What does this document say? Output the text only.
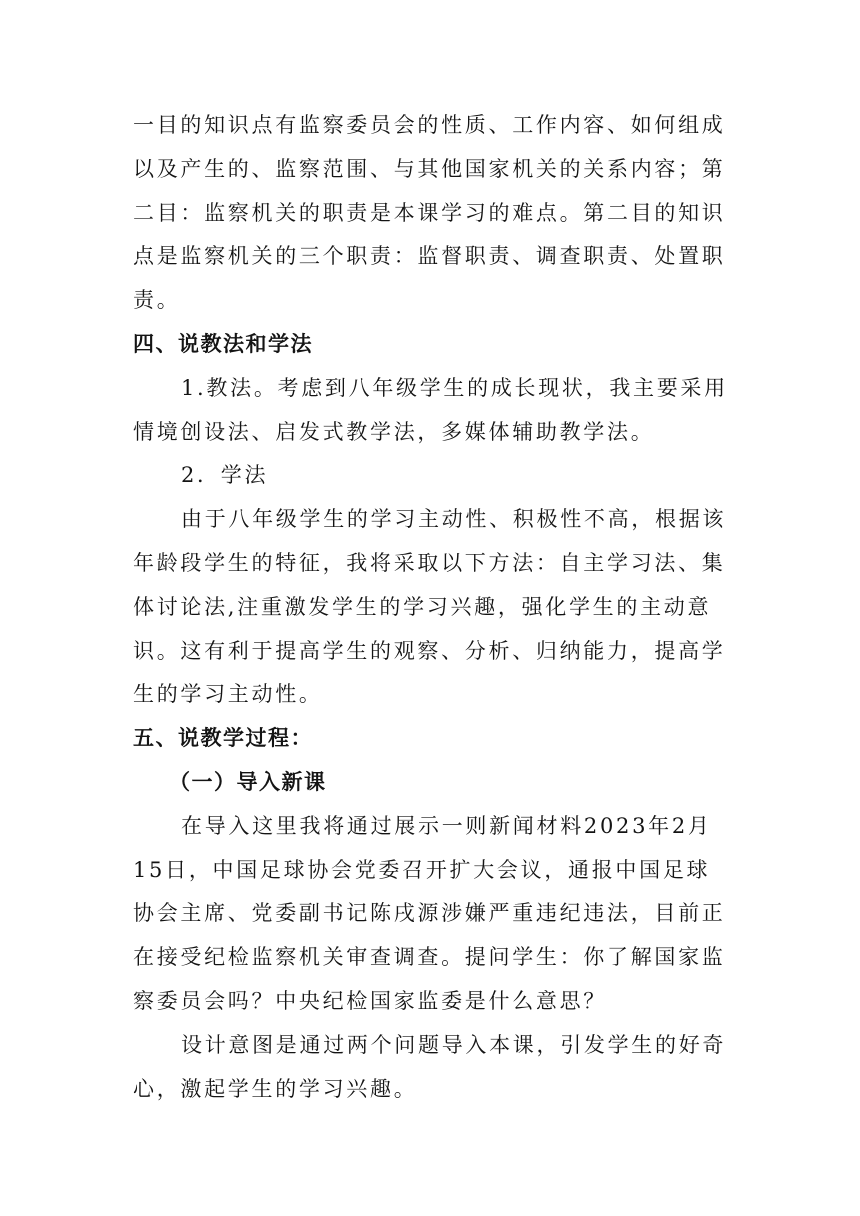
一目的知识点有监察委员会的性质、工作内容、如何组成以及产生的、监察范围、与其他国家机关的关系内容；第二目：监察机关的职责是本课学习的难点。第二目的知识点是监察机关的三个职责：监督职责、调查职责、处置职责。

四、说教法和学法

1.教法。考虑到八年级学生的成长现状，我主要采用情境创设法、启发式教学法，多媒体辅助教学法。

2．学法

由于八年级学生的学习主动性、积极性不高，根据该年龄段学生的特征，我将采取以下方法：自主学习法、集体讨论法,注重激发学生的学习兴趣，强化学生的主动意识。这有利于提高学生的观察、分析、归纳能力，提高学生的学习主动性。

五、说教学过程：

（一）导入新课

在导入这里我将通过展示一则新闻材料2023年2月15日，中国足球协会党委召开扩大会议，通报中国足球协会主席、党委副书记陈戌源涉嫌严重违纪违法，目前正在接受纪检监察机关审查调查。提问学生：你了解国家监察委员会吗？中央纪检国家监委是什么意思？

设计意图是通过两个问题导入本课，引发学生的好奇心，激起学生的学习兴趣。
